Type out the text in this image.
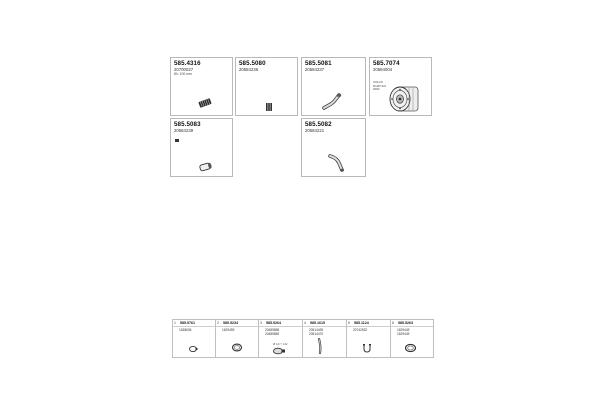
585.4316
20700027
Ø= 100 mm
585.5080
20584236
585.5081
20584237
585.7074
20584004
VOLVO
D12D 6cil
2002
585.5083
20584239
585.5082
20584221
1 585.5761
1638636
2 585.5234
1629459
3 585.5264
20485858
20485859
Ø 127 / 122
4 585.1615
20514439
20514470
5 585.1124
20742532
6 585.5263
1629449
1629449
